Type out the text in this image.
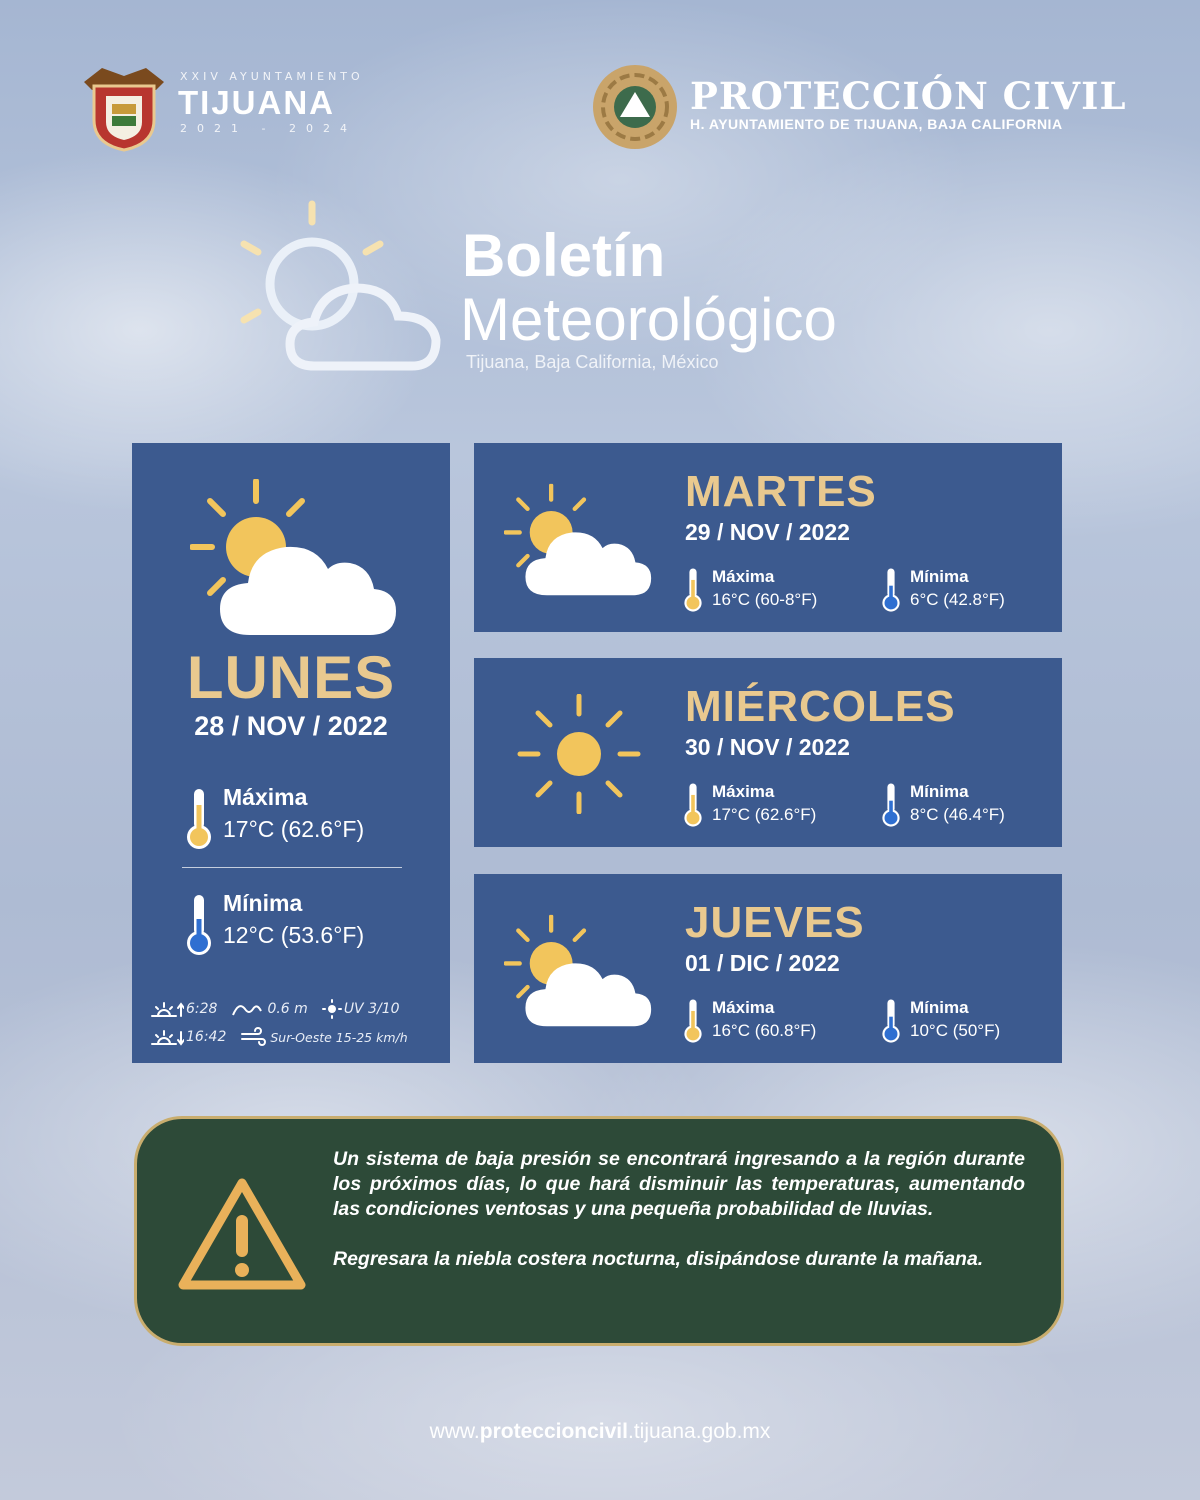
XXIV AYUNTAMIENTO
TIJUANA
2021 - 2024
PROTECCIÓN CIVIL
H. AYUNTAMIENTO DE TIJUANA, BAJA CALIFORNIA
Boletín
Meteorológico
Tijuana, Baja California, México
LUNES
28 / NOV / 2022
Máxima
17°C (62.6°F)
Mínima
12°C (53.6°F)
6:28	0.6 m	UV 3/10
16:42	Sur-Oeste 15-25 km/h
MARTES
29 / NOV / 2022
Máxima
16°C (60-8°F)
Mínima
6°C (42.8°F)
MIÉRCOLES
30 / NOV / 2022
Máxima
17°C (62.6°F)
Mínima
8°C (46.4°F)
JUEVES
01 / DIC / 2022
Máxima
16°C (60.8°F)
Mínima
10°C (50°F)

Un sistema de baja presión se encontrará ingresando a la región durante los próximos días, lo que hará disminuir las temperaturas, aumentando las condiciones ventosas y una pequeña probabilidad de lluvias.

Regresara la niebla costera nocturna, disipándose durante la mañana.

www.proteccioncivil.tijuana.gob.mx
